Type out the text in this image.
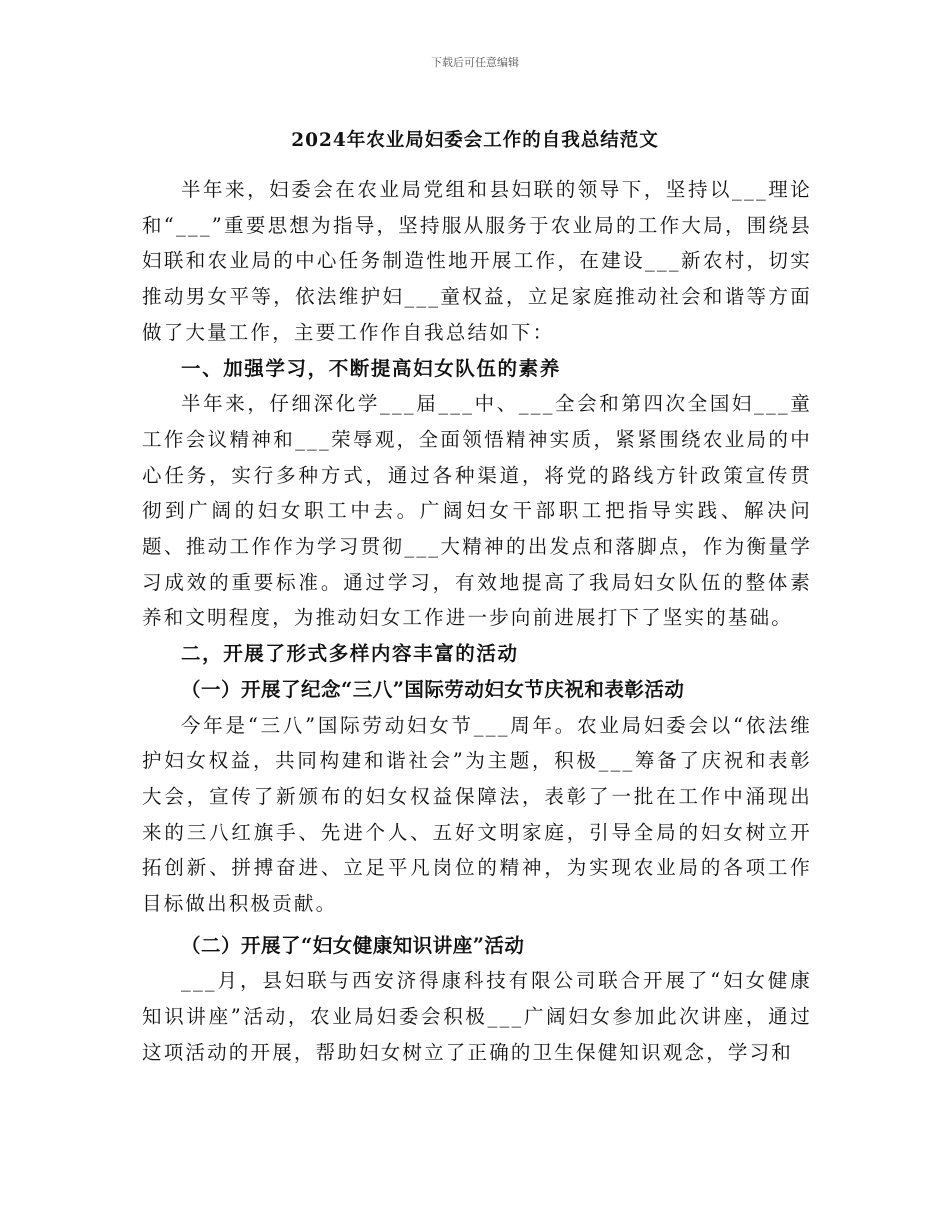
下载后可任意编辑
2024年农业局妇委会工作的自我总结范文

半年来，妇委会在农业局党组和县妇联的领导下，坚持以___理论和“___”重要思想为指导，坚持服从服务于农业局的工作大局，围绕县妇联和农业局的中心任务制造性地开展工作，在建设___新农村，切实推动男女平等，依法维护妇___童权益，立足家庭推动社会和谐等方面做了大量工作，主要工作作自我总结如下：

一、加强学习，不断提高妇女队伍的素养

半年来，仔细深化学___届___中、___全会和第四次全国妇___童工作会议精神和___荣辱观，全面领悟精神实质，紧紧围绕农业局的中心任务，实行多种方式，通过各种渠道，将党的路线方针政策宣传贯彻到广阔的妇女职工中去。广阔妇女干部职工把指导实践、解决问题、推动工作作为学习贯彻___大精神的出发点和落脚点，作为衡量学习成效的重要标准。通过学习，有效地提高了我局妇女队伍的整体素养和文明程度，为推动妇女工作进一步向前进展打下了坚实的基础。

二，开展了形式多样内容丰富的活动

（一）开展了纪念“三八”国际劳动妇女节庆祝和表彰活动

今年是“三八”国际劳动妇女节___周年。农业局妇委会以“依法维护妇女权益，共同构建和谐社会”为主题，积极___筹备了庆祝和表彰大会，宣传了新颁布的妇女权益保障法，表彰了一批在工作中涌现出来的三八红旗手、先进个人、五好文明家庭，引导全局的妇女树立开拓创新、拼搏奋进、立足平凡岗位的精神，为实现农业局的各项工作目标做出积极贡献。

（二）开展了“妇女健康知识讲座”活动

___月，县妇联与西安济得康科技有限公司联合开展了“妇女健康知识讲座”活动，农业局妇委会积极___广阔妇女参加此次讲座，通过这项活动的开展，帮助妇女树立了正确的卫生保健知识观念，学习和
